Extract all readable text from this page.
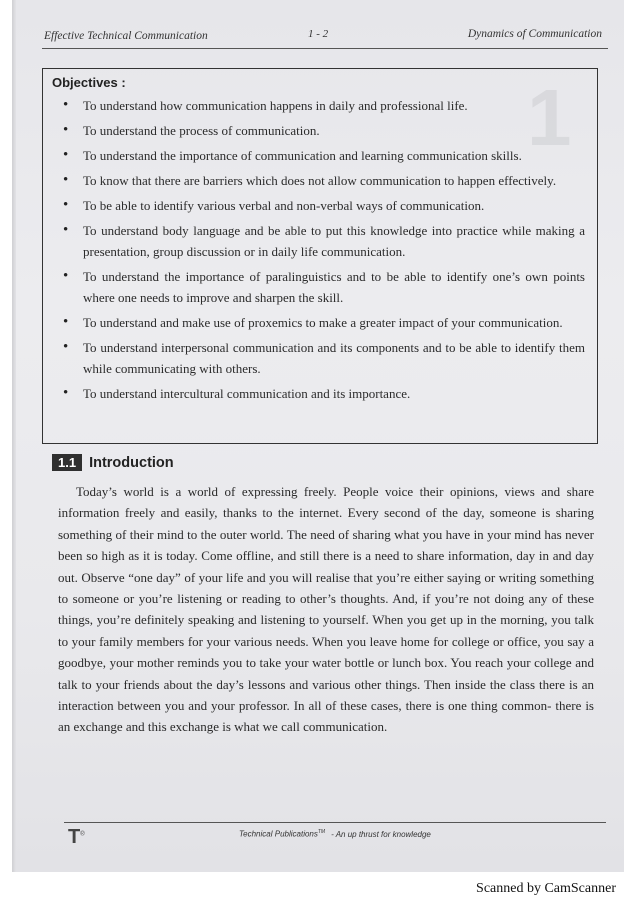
Effective Technical Communication	1 - 2	Dynamics of Communication
1
Objectives :
• To understand how communication happens in daily and professional life.
• To understand the process of communication.
• To understand the importance of communication and learning communication skills.
• To know that there are barriers which does not allow communication to happen effectively.
• To be able to identify various verbal and non-verbal ways of communication.
• To understand body language and be able to put this knowledge into practice while making a presentation, group discussion or in daily life communication.
• To understand the importance of paralinguistics and to be able to identify one’s own points where one needs to improve and sharpen the skill.
• To understand and make use of proxemics to make a greater impact of your communication.
• To understand interpersonal communication and its components and to be able to identify them while communicating with others.
• To understand intercultural communication and its importance.
1.1 Introduction

Today’s world is a world of expressing freely. People voice their opinions, views and share information freely and easily, thanks to the internet. Every second of the day, someone is sharing something of their mind to the outer world. The need of sharing what you have in your mind has never been so high as it is today. Come offline, and still there is a need to share information, day in and day out. Observe “one day” of your life and you will realise that you’re either saying or writing something to someone or you’re listening or reading to other’s thoughts. And, if you’re not doing any of these things, you’re definitely speaking and listening to yourself. When you get up in the morning, you talk to your family members for your various needs. When you leave home for college or office, you say a goodbye, your mother reminds you to take your water bottle or lunch box. You reach your college and talk to your friends about the day’s lessons and various other things. Then inside the class there is an interaction between you and your professor. In all of these cases, there is one thing common- there is an exchange and this exchange is what we call communication.

T®	Technical Publications™ - An up thrust for knowledge
Scanned by CamScanner
